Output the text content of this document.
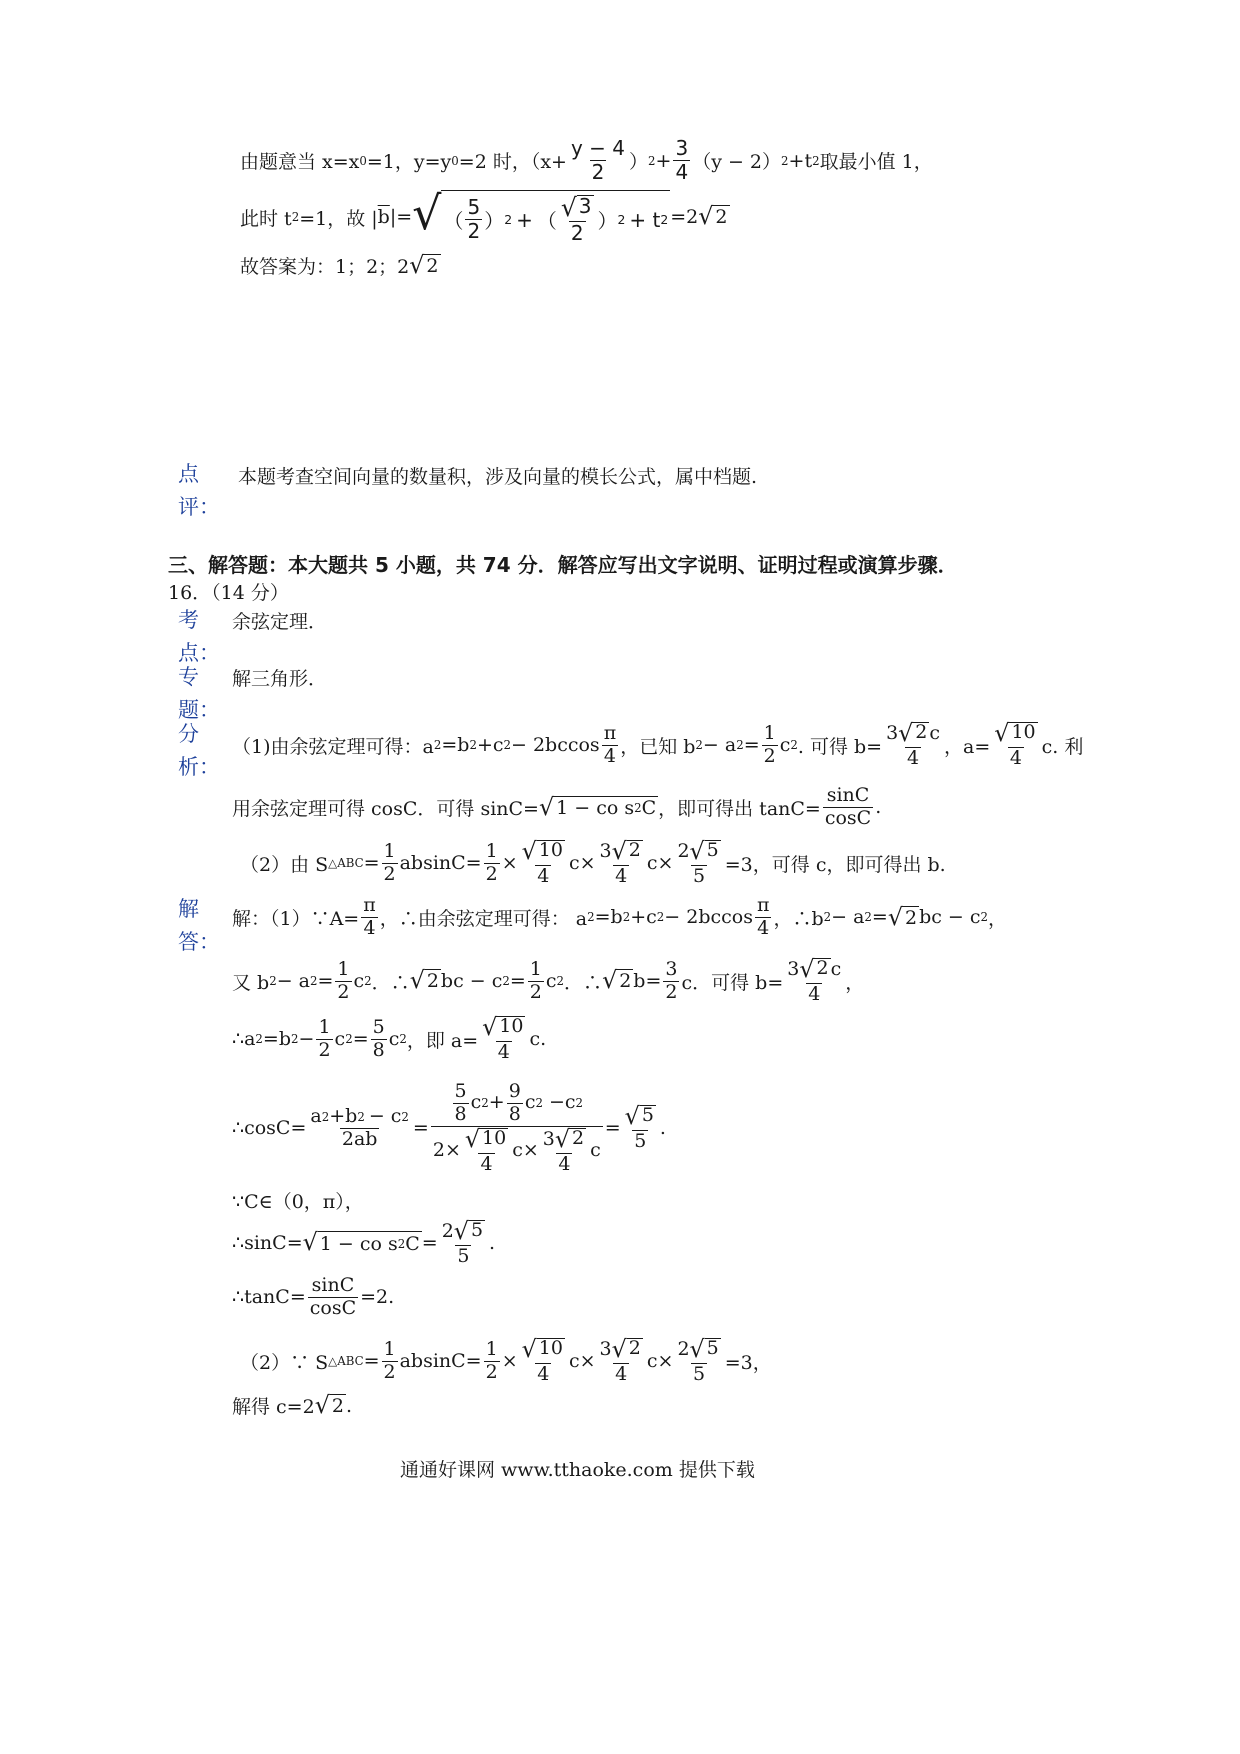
由题意当 x=x 0 =1，y=y 0 =2 时，（$x+ \frac{y - 4}{2}$ ） $2 + \frac{3}{4} (y - 2)$ 2 +t 2 取最小值 1，
此时 t 2 =1，故 | $\overline{b}$ |= √ （ $\frac{5}{2}$ ） 2 + （ $\frac{√ 3}{2}$ ） 2 + t 2 =2 √ 2
故答案为：1；2；2 √ 2
点
评：
本题考查空间向量的数量积，涉及向量的模长公式，属中档题.
三、解答题：本大题共 5 小题，共 74 分．解答应写出文字说明、证明过程或演算步骤．
16．（14 分）
考
点：
余弦定理．
专
题：
解三角形．
分
析：
（1)由余弦定理可得：a 2 =b 2 +c $2 - 2bccos \frac{\pi}{4}$ ，已知 b 2 − a $2 = \frac{1}{2}$ c 2 . 可得 $b= \frac{3 √ 2 c}{4}$ ，$a= \frac{√ 10}{4} c$. 利
用余弦定理可得 cosC．可得 sinC= √ 1 − co s 2 C ，即可得出 $\tan C= \frac{\sin C}{\cos C}$ .
（2）由 S △ABC = $\frac{1}{2} absinC= \frac{1}{2} \times \frac{√ 10}{4}$ $c \times \frac{3 √ 2}{4}$ $c \times \frac{2 √ 5}{5} =3$，可得 c，即可得出 b.
解
答：
解：（1）∵A= $\frac{\pi}{4}$ ，∴由余弦定理可得： a 2 =b 2 +c $2 - 2bccos \frac{\pi}{4}$ ，∴b 2 − a 2 = √ 2 bc − c 2 ，
又 b 2 − a $2 = \frac{1}{2}$ c 2 ．∴ √ 2 bc − c $2 = \frac{1}{2}$ c 2 ．∴ √ 2 $b= \frac{3}{2}$ c．可得 $b= \frac{3 √ 2 c}{4}$ ，
∴a 2 =b $2 - \frac{1}{2}$ c $2 = \frac{5}{8}$ c 2 ，即 $a= \frac{√ 10}{4} c$.
∴cosC= $\frac{a 2 +b 2 - c 2}{2ab} = \frac{\frac{5}{8} c 2 + \frac{9}{8} c 2 - c 2}{2 \times \frac{√ 10}{4} c \times \frac{3 √ 2}{4} c} = \frac{√ 5}{5}$ .
∵C∈（0，π），
∴sinC= √ 1 − co s 2 $C = \frac{2 √ 5}{5}$ .
∴tanC= $\frac{\sin C}{\cos C} =2$.
（2）∵ S △ABC = $\frac{1}{2} absinC= \frac{1}{2} \times \frac{√ 10}{4}$ $c \times \frac{3 √ 2}{4}$ $c \times \frac{2 √ 5}{5} =3$，
解得 c=2 √ 2 .
通通好课网 www.tthaoke.com 提供下载
